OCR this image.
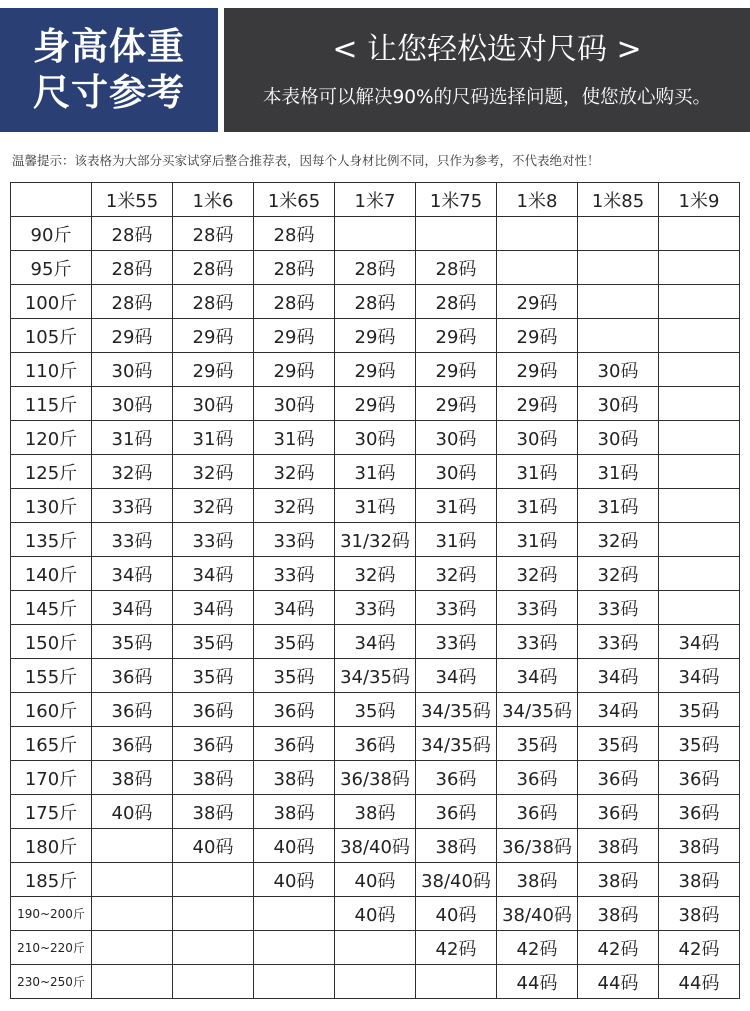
身高体重
尺寸参考
< 让您轻松选对尺码 >
本表格可以解决90%的尺码选择问题，使您放心购买。
温馨提示：该表格为大部分买家试穿后整合推荐表，因每个人身材比例不同，只作为参考，不代表绝对性！
	1米55	1米6	1米65	1米7	1米75	1米8	1米85	1米9
90斤	28码	28码	28码					
95斤	28码	28码	28码	28码	28码			
100斤	28码	28码	28码	28码	28码	29码		
105斤	29码	29码	29码	29码	29码	29码		
110斤	30码	29码	29码	29码	29码	29码	30码	
115斤	30码	30码	30码	29码	29码	29码	30码	
120斤	31码	31码	31码	30码	30码	30码	30码	
125斤	32码	32码	32码	31码	30码	31码	31码	
130斤	33码	32码	32码	31码	31码	31码	31码	
135斤	33码	33码	33码	31/32码	31码	31码	32码	
140斤	34码	34码	33码	32码	32码	32码	32码	
145斤	34码	34码	34码	33码	33码	33码	33码	
150斤	35码	35码	35码	34码	33码	33码	33码	34码
155斤	36码	35码	35码	34/35码	34码	34码	34码	34码
160斤	36码	36码	36码	35码	34/35码	34/35码	34码	35码
165斤	36码	36码	36码	36码	34/35码	35码	35码	35码
170斤	38码	38码	38码	36/38码	36码	36码	36码	36码
175斤	40码	38码	38码	38码	36码	36码	36码	36码
180斤		40码	40码	38/40码	38码	36/38码	38码	38码
185斤			40码	40码	38/40码	38码	38码	38码
190~200斤				40码	40码	38/40码	38码	38码
210~220斤					42码	42码	42码	42码
230~250斤						44码	44码	44码
